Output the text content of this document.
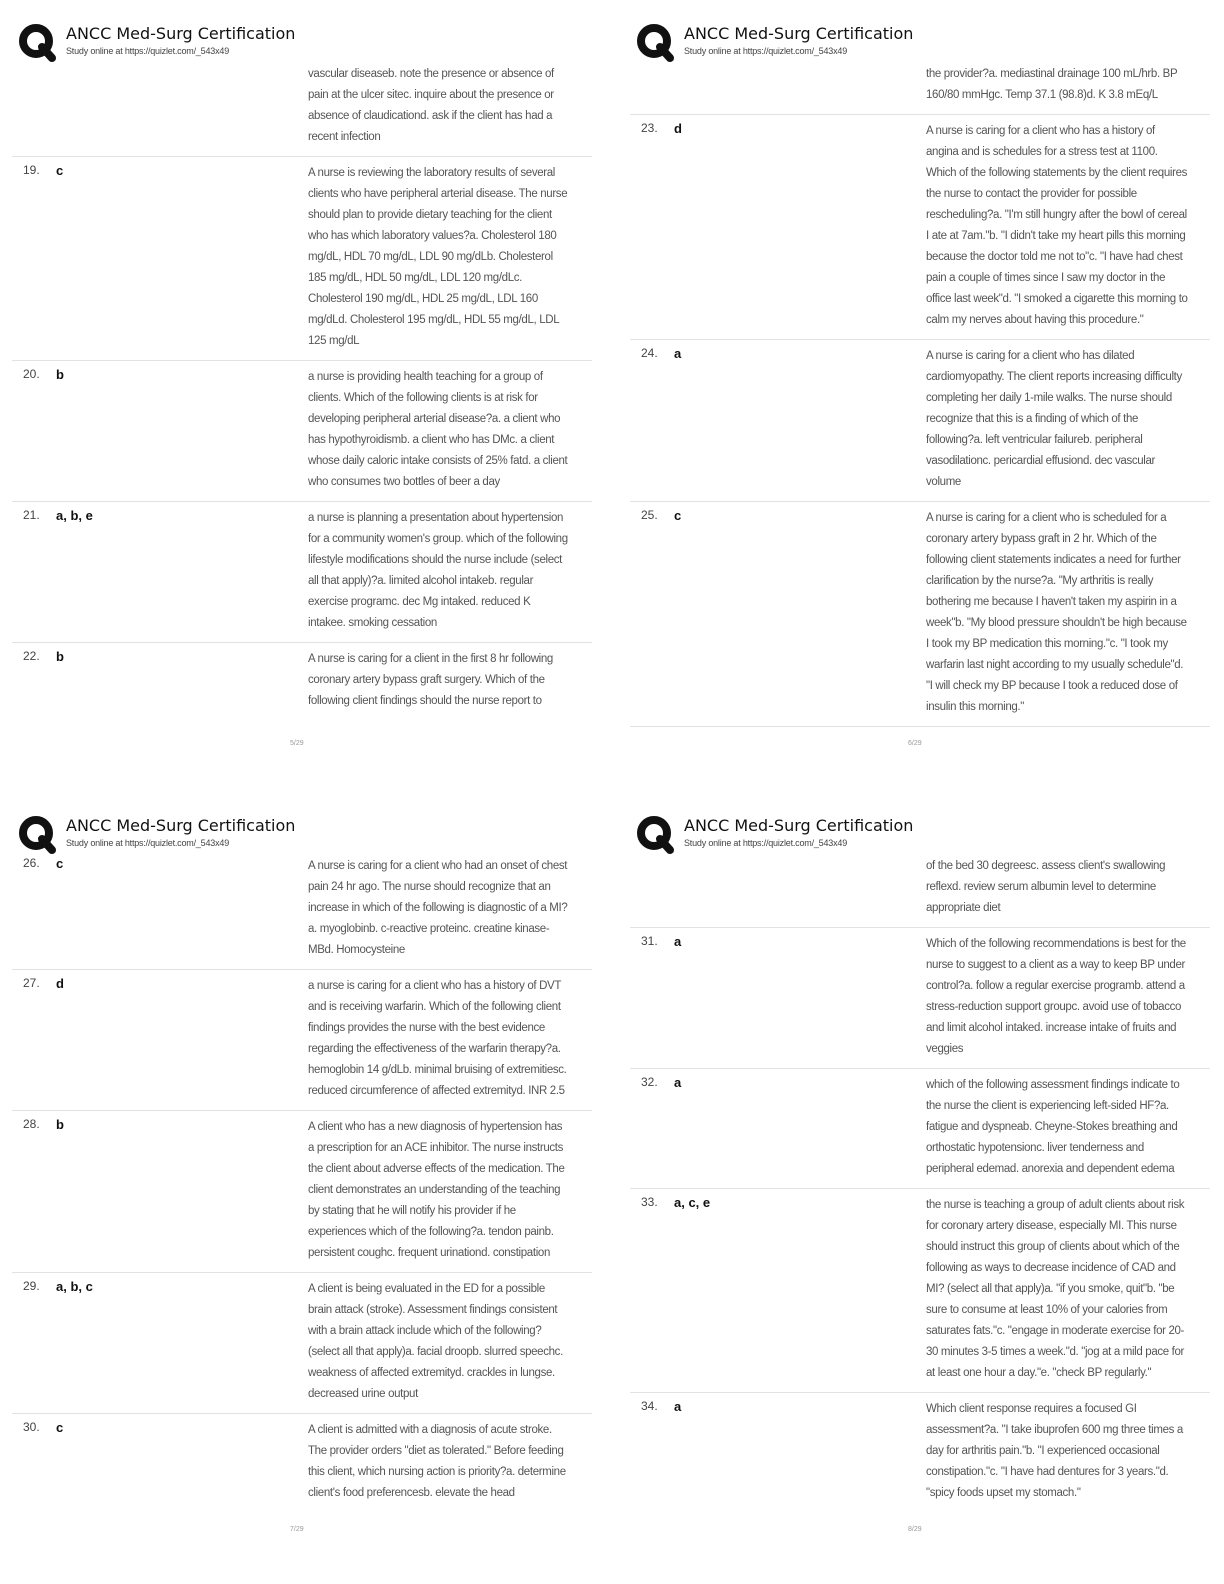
ANCC Med-Surg Certification
Study online at https://quizlet.com/_543x49
vascular diseaseb. note the presence or absence of pain at the ulcer sitec. inquire about the presence or absence of claudicationd. ask if the client has had a recent infection
19.	c	A nurse is reviewing the laboratory results of several clients who have peripheral arterial disease. The nurse should plan to provide dietary teaching for the client who has which laboratory values?a. Cholesterol 180 mg/dL, HDL 70 mg/dL, LDL 90 mg/dLb. Cholesterol 185 mg/dL, HDL 50 mg/dL, LDL 120 mg/dLc. Cholesterol 190 mg/dL, HDL 25 mg/dL, LDL 160 mg/dLd. Cholesterol 195 mg/dL, HDL 55 mg/dL, LDL 125 mg/dL
20.	b	a nurse is providing health teaching for a group of clients. Which of the following clients is at risk for developing peripheral arterial disease?a. a client who has hypothyroidismb. a client who has DMc. a client whose daily caloric intake consists of 25% fatd. a client who consumes two bottles of beer a day
21.	a, b, e	a nurse is planning a presentation about hypertension for a community women's group. which of the following lifestyle modifications should the nurse include (select all that apply)?a. limited alcohol intakeb. regular exercise programc. dec Mg intaked. reduced K intakee. smoking cessation
22.	b	A nurse is caring for a client in the first 8 hr following coronary artery bypass graft surgery. Which of the following client findings should the nurse report to
5/29
ANCC Med-Surg Certification
Study online at https://quizlet.com/_543x49
the provider?a. mediastinal drainage 100 mL/hrb. BP 160/80 mmHgc. Temp 37.1 (98.8)d. K 3.8 mEq/L
23.	d	A nurse is caring for a client who has a history of angina and is schedules for a stress test at 1100. Which of the following statements by the client requires the nurse to contact the provider for possible rescheduling?a. "I'm still hungry after the bowl of cereal I ate at 7am."b. "I didn't take my heart pills this morning because the doctor told me not to"c. "I have had chest pain a couple of times since I saw my doctor in the office last week"d. "I smoked a cigarette this morning to calm my nerves about having this procedure."
24.	a	A nurse is caring for a client who has dilated cardiomyopathy. The client reports increasing difficulty completing her daily 1-mile walks. The nurse should recognize that this is a finding of which of the following?a. left ventricular failureb. peripheral vasodilationc. pericardial effusiond. dec vascular volume
25.	c	A nurse is caring for a client who is scheduled for a coronary artery bypass graft in 2 hr. Which of the following client statements indicates a need for further clarification by the nurse?a. "My arthritis is really bothering me because I haven't taken my aspirin in a week"b. "My blood pressure shouldn't be high because I took my BP medication this morning."c. "I took my warfarin last night according to my usually schedule"d. "I will check my BP because I took a reduced dose of insulin this morning."
6/29
ANCC Med-Surg Certification
Study online at https://quizlet.com/_543x49
26.	c	A nurse is caring for a client who had an onset of chest pain 24 hr ago. The nurse should recognize that an increase in which of the following is diagnostic of a MI?a. myoglobinb. c-reactive proteinc. creatine kinase- MBd. Homocysteine
27.	d	a nurse is caring for a client who has a history of DVT and is receiving warfarin. Which of the following client findings provides the nurse with the best evidence regarding the effectiveness of the warfarin therapy?a. hemoglobin 14 g/dLb. minimal bruising of extremitiesc. reduced circumference of affected extremityd. INR 2.5
28.	b	A client who has a new diagnosis of hypertension has a prescription for an ACE inhibitor. The nurse instructs the client about adverse effects of the medication. The client demonstrates an understanding of the teaching by stating that he will notify his provider if he experiences which of the following?a. tendon painb. persistent coughc. frequent urinationd. constipation
29.	a, b, c	A client is being evaluated in the ED for a possible brain attack (stroke). Assessment findings consistent with a brain attack include which of the following? (select all that apply)a. facial droopb. slurred speechc. weakness of affected extremityd. crackles in lungse. decreased urine output
30.	c	A client is admitted with a diagnosis of acute stroke. The provider orders "diet as tolerated." Before feeding this client, which nursing action is priority?a. determine client's food preferencesb. elevate the head
7/29
ANCC Med-Surg Certification
Study online at https://quizlet.com/_543x49
of the bed 30 degreesc. assess client's swallowing reflexd. review serum albumin level to determine appropriate diet
31.	a	Which of the following recommendations is best for the nurse to suggest to a client as a way to keep BP under control?a. follow a regular exercise programb. attend a stress-reduction support groupc. avoid use of tobacco and limit alcohol intaked. increase intake of fruits and veggies
32.	a	which of the following assessment findings indicate to the nurse the client is experiencing left-sided HF?a. fatigue and dyspneab. Cheyne-Stokes breathing and orthostatic hypotensionc. liver tenderness and peripheral edemad. anorexia and dependent edema
33.	a, c, e	the nurse is teaching a group of adult clients about risk for coronary artery disease, especially MI. This nurse should instruct this group of clients about which of the following as ways to decrease incidence of CAD and MI? (select all that apply)a. "if you smoke, quit"b. "be sure to consume at least 10% of your calories from saturates fats."c. "engage in moderate exercise for 20-30 minutes 3-5 times a week."d. "jog at a mild pace for at least one hour a day."e. "check BP regularly."
34.	a	Which client response requires a focused GI assessment?a. "I take ibuprofen 600 mg three times a day for arthritis pain."b. "I experienced occasional constipation."c. "I have had dentures for 3 years."d. "spicy foods upset my stomach."
8/29
